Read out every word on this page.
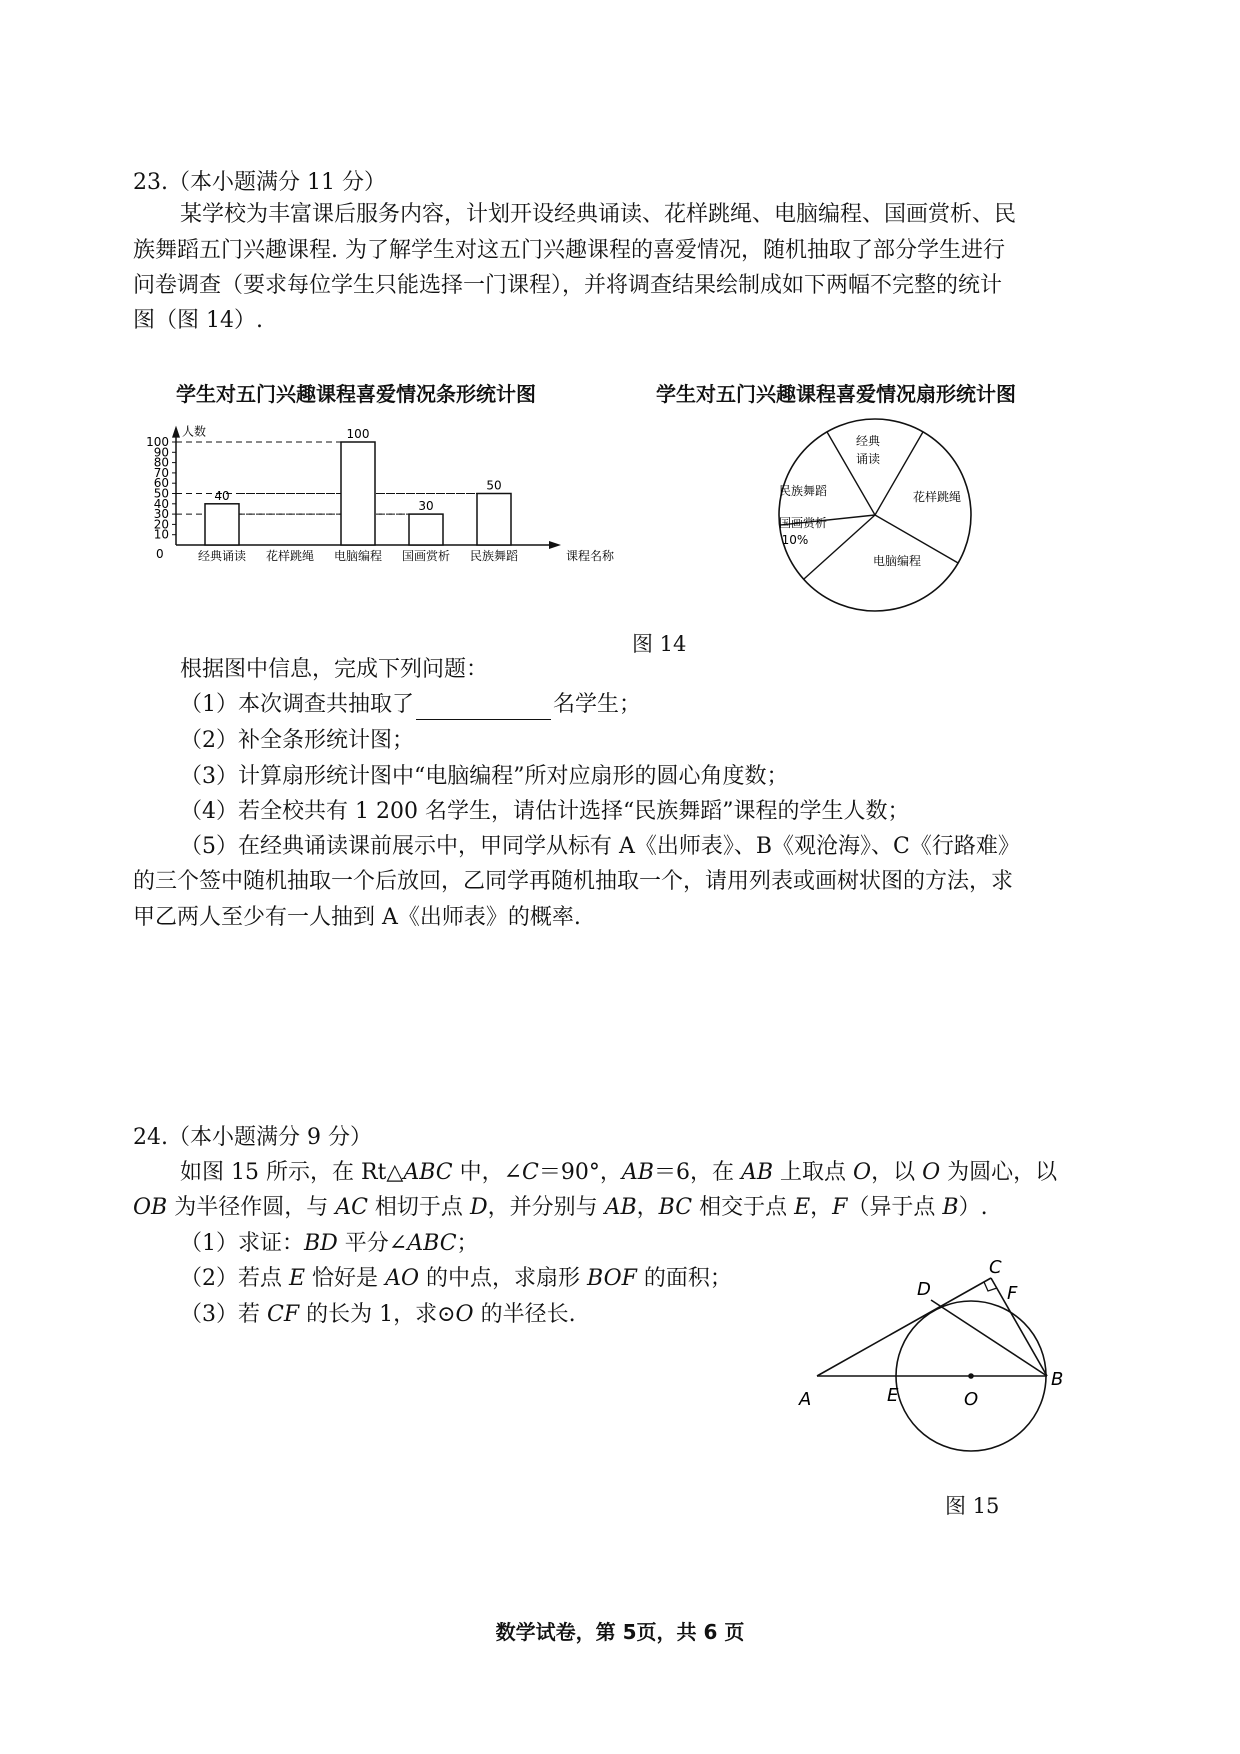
23.（本小题满分 11 分）
某学校为丰富课后服务内容，计划开设经典诵读、花样跳绳、电脑编程、国画赏析、民
族舞蹈五门兴趣课程. 为了解学生对这五门兴趣课程的喜爱情况，随机抽取了部分学生进行
问卷调查（要求每位学生只能选择一门课程），并将调查结果绘制成如下两幅不完整的统计
图（图 14）.
学生对五门兴趣课程喜爱情况条形统计图	学生对五门兴趣课程喜爱情况扇形统计图
人数
10
20
30
40
50
60
70
80
90
100
0
40
经典诵读 花样跳绳
100
电脑编程
30
国画赏析
50
民族舞蹈	课程名称
经典
诵读
花样跳绳
电脑编程
国画赏析
10%
民族舞蹈
图 14
根据图中信息，完成下列问题：
（1）本次调查共抽取了	名学生；
（2）补全条形统计图；
（3）计算扇形统计图中“电脑编程”所对应扇形的圆心角度数；
（4）若全校共有 1 200 名学生，请估计选择“民族舞蹈”课程的学生人数；
（5）在经典诵读课前展示中，甲同学从标有 A《出师表》、B《观沧海》、C《行路难》
的三个签中随机抽取一个后放回，乙同学再随机抽取一个，请用列表或画树状图的方法，求
甲乙两人至少有一人抽到 A《出师表》的概率.
24.（本小题满分 9 分）
如图 15 所示，在 Rt△ABC 中，∠C＝90°，AB＝6，在 AB 上取点 O，以 O 为圆心，以
OB 为半径作圆，与 AC 相切于点 D，并分别与 AB，BC 相交于点 E，F（异于点 B）.
（1）求证：BD 平分∠ABC；
（2）若点 E 恰好是 AO 的中点，求扇形 BOF 的面积；
（3）若 CF 的长为 1，求⊙O 的半径长.
A	E	O
B
C
D	F
图 15
数学试卷，第 5页，共 6 页
